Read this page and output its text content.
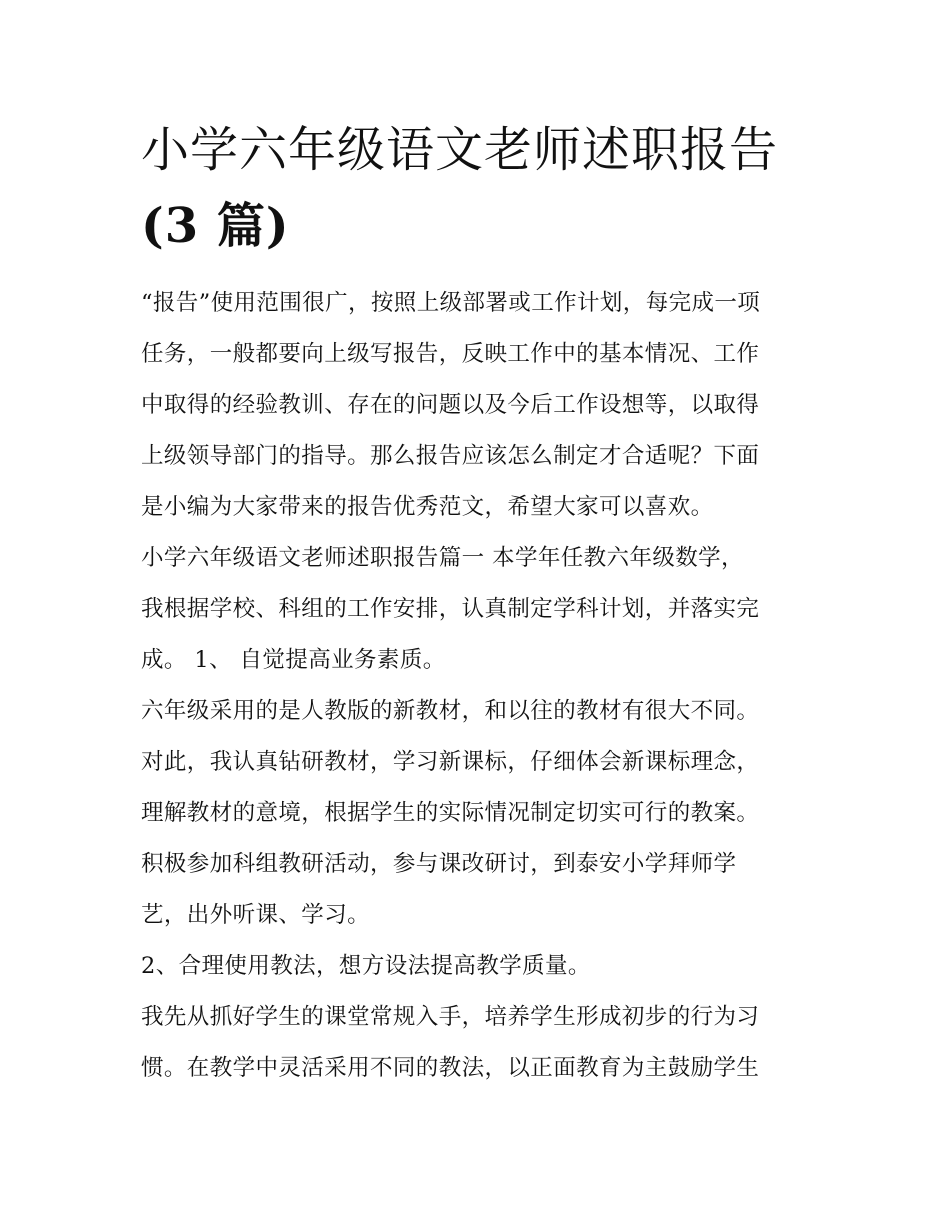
小学六年级语文老师述职报告
(3 篇)
“报告”使用范围很广，按照上级部署或工作计划，每完成一项
任务，一般都要向上级写报告，反映工作中的基本情况、工作
中取得的经验教训、存在的问题以及今后工作设想等，以取得
上级领导部门的指导。那么报告应该怎么制定才合适呢？下面
是小编为大家带来的报告优秀范文，希望大家可以喜欢。
小学六年级语文老师述职报告篇一 本学年任教六年级数学，
我根据学校、科组的工作安排，认真制定学科计划，并落实完
成。 1、 自觉提高业务素质。
六年级采用的是人教版的新教材，和以往的教材有很大不同。
对此，我认真钻研教材，学习新课标，仔细体会新课标理念，
理解教材的意境，根据学生的实际情况制定切实可行的教案。
积极参加科组教研活动，参与课改研讨，到泰安小学拜师学
艺，出外听课、学习。
2、合理使用教法，想方设法提高教学质量。
我先从抓好学生的课堂常规入手，培养学生形成初步的行为习
惯。在教学中灵活采用不同的教法，以正面教育为主鼓励学生
